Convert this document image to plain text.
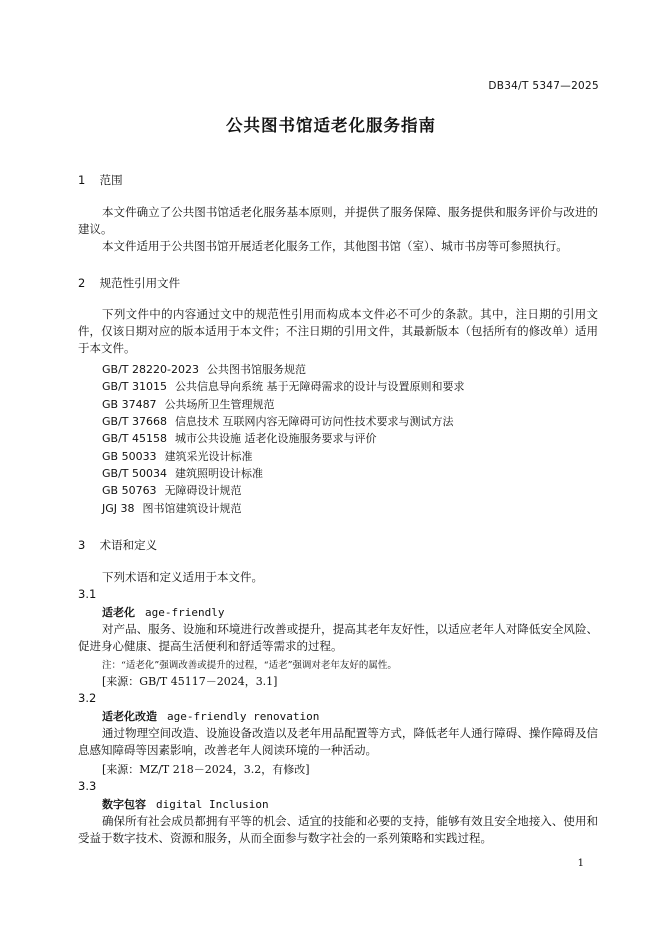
DB34/T 5347—2025
公共图书馆适老化服务指南
1 范围
本文件确立了公共图书馆适老化服务基本原则，并提供了服务保障、服务提供和服务评价与改进的建议。
本文件适用于公共图书馆开展适老化服务工作，其他图书馆（室）、城市书房等可参照执行。
2 规范性引用文件
下列文件中的内容通过文中的规范性引用而构成本文件必不可少的条款。其中，注日期的引用文件，仅该日期对应的版本适用于本文件；不注日期的引用文件，其最新版本（包括所有的修改单）适用于本文件。
GB/T 28220-2023 公共图书馆服务规范
GB/T 31015 公共信息导向系统 基于无障碍需求的设计与设置原则和要求
GB 37487 公共场所卫生管理规范
GB/T 37668 信息技术 互联网内容无障碍可访问性技术要求与测试方法
GB/T 45158 城市公共设施 适老化设施服务要求与评价
GB 50033 建筑采光设计标准
GB/T 50034 建筑照明设计标准
GB 50763 无障碍设计规范
JGJ 38 图书馆建筑设计规范
3 术语和定义
下列术语和定义适用于本文件。
3.1
适老化 age-friendly
对产品、服务、设施和环境进行改善或提升，提高其老年友好性，以适应老年人对降低安全风险、促进身心健康、提高生活便利和舒适等需求的过程。
注：“适老化”强调改善或提升的过程，“适老”强调对老年友好的属性。
[来源：GB/T 45117－2024，3.1]
3.2
适老化改造 age-friendly renovation
通过物理空间改造、设施设备改造以及老年用品配置等方式，降低老年人通行障碍、操作障碍及信息感知障碍等因素影响，改善老年人阅读环境的一种活动。
[来源：MZ/T 218－2024，3.2，有修改]
3.3
数字包容 digital Inclusion
确保所有社会成员都拥有平等的机会、适宜的技能和必要的支持，能够有效且安全地接入、使用和受益于数字技术、资源和服务，从而全面参与数字社会的一系列策略和实践过程。
1
